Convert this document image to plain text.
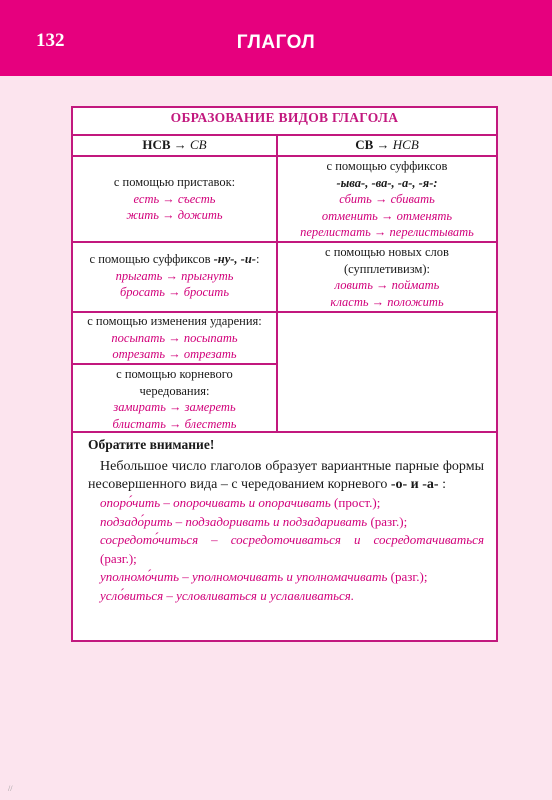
132	ГЛАГОЛ
ОБРАЗОВАНИЕ ВИДОВ ГЛАГОЛА
НСВ → СВ	СВ → НСВ
с помощью приставок:
есть → съесть
жить → дожить
с помощью суффиксов
-ыва-, -ва-, -а-, -я-:
сбить → сбивать
отменить → отменять
перелистать → перелистывать
с помощью суффиксов -ну-, -и-:
прыгать → прыгнуть
бросать → бросить
с помощью новых слов
(супплетивизм):
ловить → поймать
класть → положить
с помощью изменения ударения:
посыпать → посыпать
отрезать → отрезать
с помощью корневого
чередования:
замирать → замереть
блистать → блестеть
Обратите внимание!
Небольшое число глаголов образует вариантные парные формы несовершенного вида – с чередованием корневого -о- и -а- :
опоро́чить – опорочивать и опорачивать (прост.);
подзадо́рить – подзадоривать и подзадаривать (разг.);
сосредото́читься – сосредоточиваться и сосредотачиваться (разг.);
уполномо́чить – уполномочивать и уполномачивать (разг.);
усло́виться – условливаться и уславливаться.
//
